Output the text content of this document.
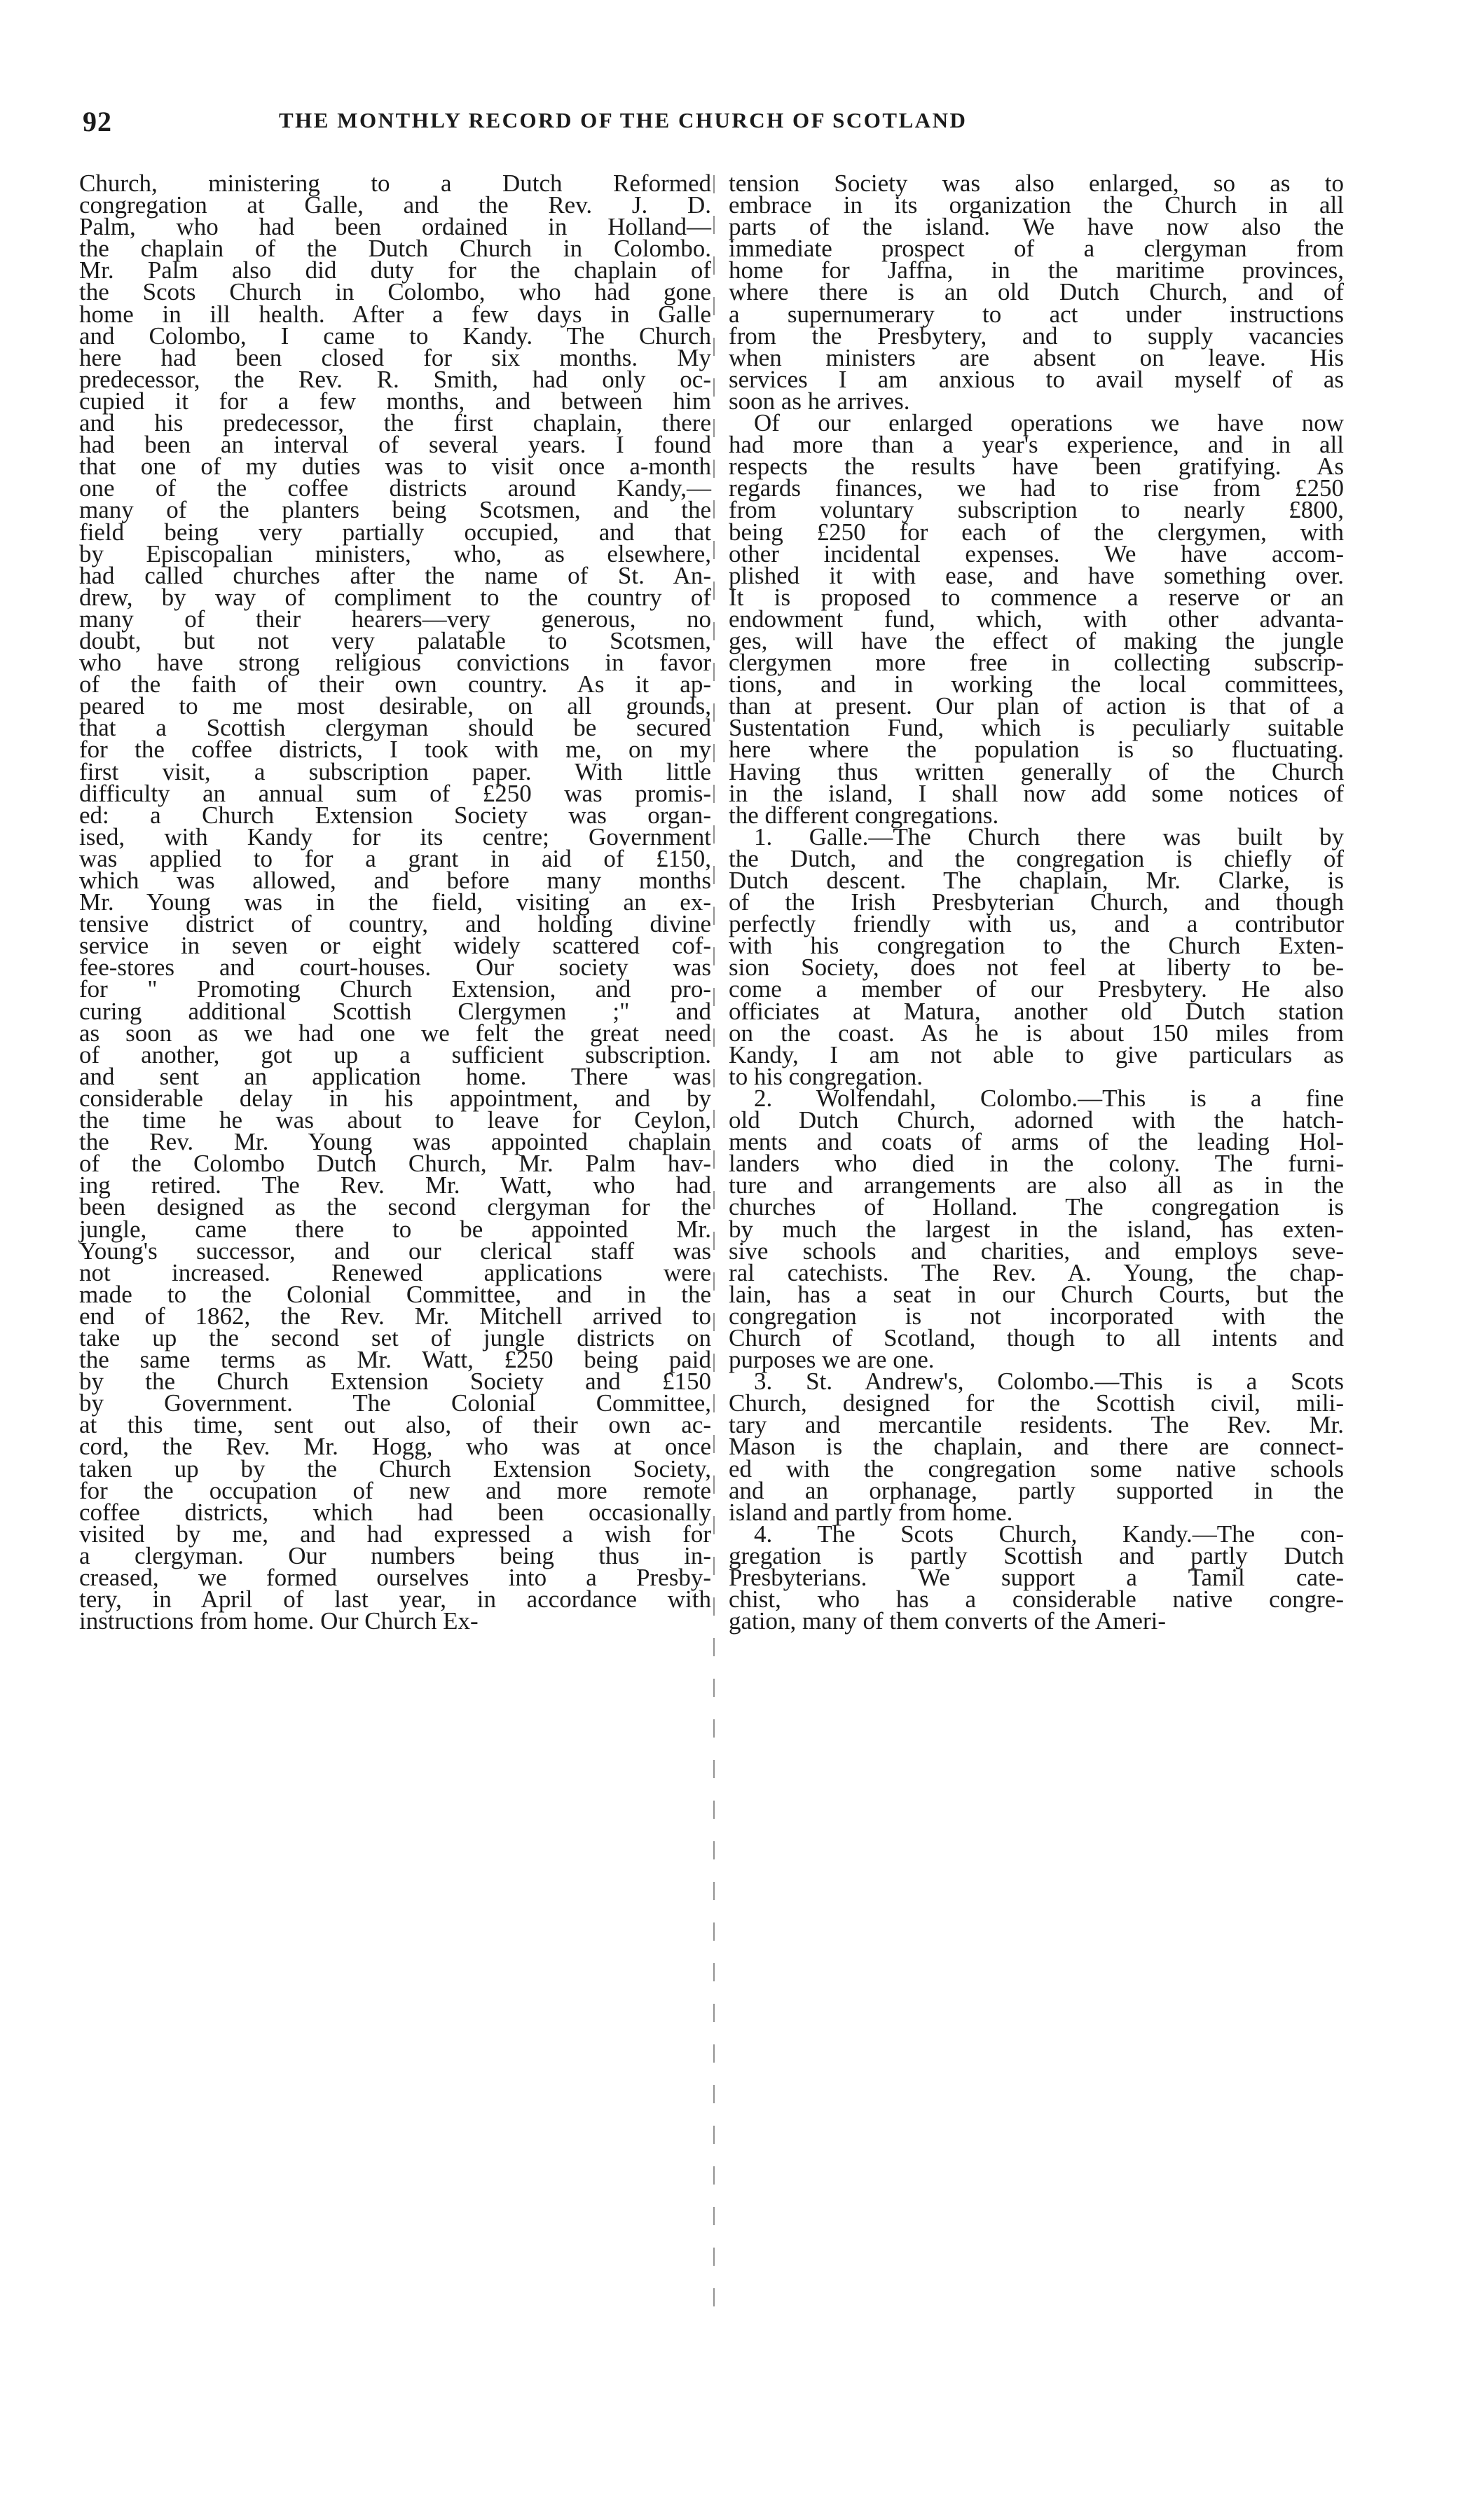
92	THE MONTHLY RECORD OF THE CHURCH OF SCOTLAND
Church, ministering to a Dutch Reformed
congregation at Galle, and the Rev. J. D.
Palm, who had been ordained in Holland—
the chaplain of the Dutch Church in Colombo.
Mr. Palm also did duty for the chaplain of
the Scots Church in Colombo, who had gone
home in ill health. After a few days in Galle
and Colombo, I came to Kandy. The Church
here had been closed for six months. My
predecessor, the Rev. R. Smith, had only oc-
cupied it for a few months, and between him
and his predecessor, the first chaplain, there
had been an interval of several years. I found
that one of my duties was to visit once a-month
one of the coffee districts around Kandy,—
many of the planters being Scotsmen, and the
field being very partially occupied, and that
by Episcopalian ministers, who, as elsewhere,
had called churches after the name of St. An-
drew, by way of compliment to the country of
many of their hearers—very generous, no
doubt, but not very palatable to Scotsmen,
who have strong religious convictions in favor
of the faith of their own country. As it ap-
peared to me most desirable, on all grounds,
that a Scottish clergyman should be secured
for the coffee districts, I took with me, on my
first visit, a subscription paper. With little
difficulty an annual sum of £250 was promis-
ed: a Church Extension Society was organ-
ised, with Kandy for its centre; Government
was applied to for a grant in aid of £150,
which was allowed, and before many months
Mr. Young was in the field, visiting an ex-
tensive district of country, and holding divine
service in seven or eight widely scattered cof-
fee-stores and court-houses. Our society was
for " Promoting Church Extension, and pro-
curing additional Scottish Clergymen ;" and
as soon as we had one we felt the great need
of another, got up a sufficient subscription.
and sent an application home. There was
considerable delay in his appointment, and by
the time he was about to leave for Ceylon,
the Rev. Mr. Young was appointed chaplain
of the Colombo Dutch Church, Mr. Palm hav-
ing retired. The Rev. Mr. Watt, who had
been designed as the second clergyman for the
jungle, came there to be appointed Mr.
Young's successor, and our clerical staff was
not increased. Renewed applications were
made to the Colonial Committee, and in the
end of 1862, the Rev. Mr. Mitchell arrived to
take up the second set of jungle districts on
the same terms as Mr. Watt, £250 being paid
by the Church Extension Society and £150
by Government. The Colonial Committee,
at this time, sent out also, of their own ac-
cord, the Rev. Mr. Hogg, who was at once
taken up by the Church Extension Society,
for the occupation of new and more remote
coffee districts, which had been occasionally
visited by me, and had expressed a wish for
a clergyman. Our numbers being thus in-
creased, we formed ourselves into a Presby-
tery, in April of last year, in accordance with
instructions from home. Our Church Ex-
tension Society was also enlarged, so as to
embrace in its organization the Church in all
parts of the island. We have now also the
immediate prospect of a clergyman from
home for Jaffna, in the maritime provinces,
where there is an old Dutch Church, and of
a supernumerary to act under instructions
from the Presbytery, and to supply vacancies
when ministers are absent on leave. His
services I am anxious to avail myself of as
soon as he arrives.
Of our enlarged operations we have now
had more than a year's experience, and in all
respects the results have been gratifying. As
regards finances, we had to rise from £250
from voluntary subscription to nearly £800,
being £250 for each of the clergymen, with
other incidental expenses. We have accom-
plished it with ease, and have something over.
It is proposed to commence a reserve or an
endowment fund, which, with other advanta-
ges, will have the effect of making the jungle
clergymen more free in collecting subscrip-
tions, and in working the local committees,
than at present. Our plan of action is that of a
Sustentation Fund, which is peculiarly suitable
here where the population is so fluctuating.
Having thus written generally of the Church
in the island, I shall now add some notices of
the different congregations.
1. Galle.—The Church there was built by
the Dutch, and the congregation is chiefly of
Dutch descent. The chaplain, Mr. Clarke, is
of the Irish Presbyterian Church, and though
perfectly friendly with us, and a contributor
with his congregation to the Church Exten-
sion Society, does not feel at liberty to be-
come a member of our Presbytery. He also
officiates at Matura, another old Dutch station
on the coast. As he is about 150 miles from
Kandy, I am not able to give particulars as
to his congregation.
2. Wolfendahl, Colombo.—This is a fine
old Dutch Church, adorned with the hatch-
ments and coats of arms of the leading Hol-
landers who died in the colony. The furni-
ture and arrangements are also all as in the
churches of Holland. The congregation is
by much the largest in the island, has exten-
sive schools and charities, and employs seve-
ral catechists. The Rev. A. Young, the chap-
lain, has a seat in our Church Courts, but the
congregation is not incorporated with the
Church of Scotland, though to all intents and
purposes we are one.
3. St. Andrew's, Colombo.—This is a Scots
Church, designed for the Scottish civil, mili-
tary and mercantile residents. The Rev. Mr.
Mason is the chaplain, and there are connect-
ed with the congregation some native schools
and an orphanage, partly supported in the
island and partly from home.
4. The Scots Church, Kandy.—The con-
gregation is partly Scottish and partly Dutch
Presbyterians. We support a Tamil cate-
chist, who has a considerable native congre-
gation, many of them converts of the Ameri-
